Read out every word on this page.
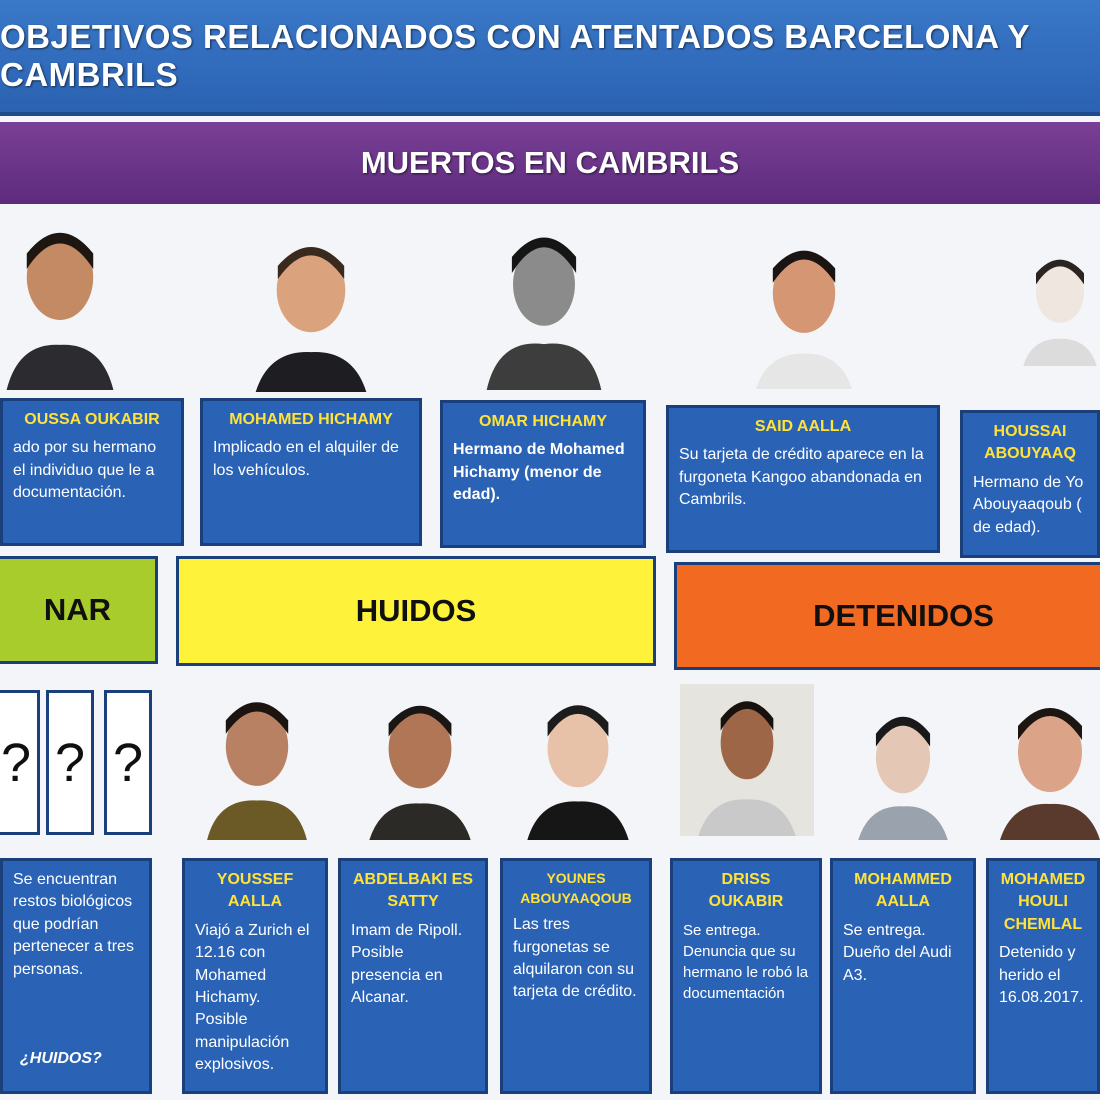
OBJETIVOS RELACIONADOS CON ATENTADOS BARCELONA Y CAMBRILS
MUERTOS EN CAMBRILS
OUSSA OUKABIR
ado por su hermano el individuo que le a documentación.
MOHAMED HICHAMY
Implicado en el alquiler de los vehículos.
OMAR HICHAMY
Hermano de Mohamed Hichamy (menor de edad).
SAID AALLA
Su tarjeta de crédito aparece en la furgoneta Kangoo abandonada en Cambrils.
HOUSSAI ABOUYAAQ
Hermano de Yo Abouyaaqoub ( de edad).
NAR	HUIDOS	DETENIDOS
? ? ?
Se encuentran restos biológicos que podrían pertenecer a tres personas.
¿HUIDOS?
YOUSSEF AALLA
Viajó a Zurich el 12.16 con Mohamed Hichamy. Posible manipulación explosivos.
ABDELBAKI ES SATTY
Imam de Ripoll. Posible presencia en Alcanar.
YOUNES ABOUYAAQOUB
Las tres furgonetas se alquilaron con su tarjeta de crédito.
DRISS OUKABIR
Se entrega. Denuncia que su hermano le robó la documentación
MOHAMMED AALLA
Se entrega. Dueño del Audi A3.
MOHAMED HOULI CHEMLAL
Detenido y herido el 16.08.2017.
